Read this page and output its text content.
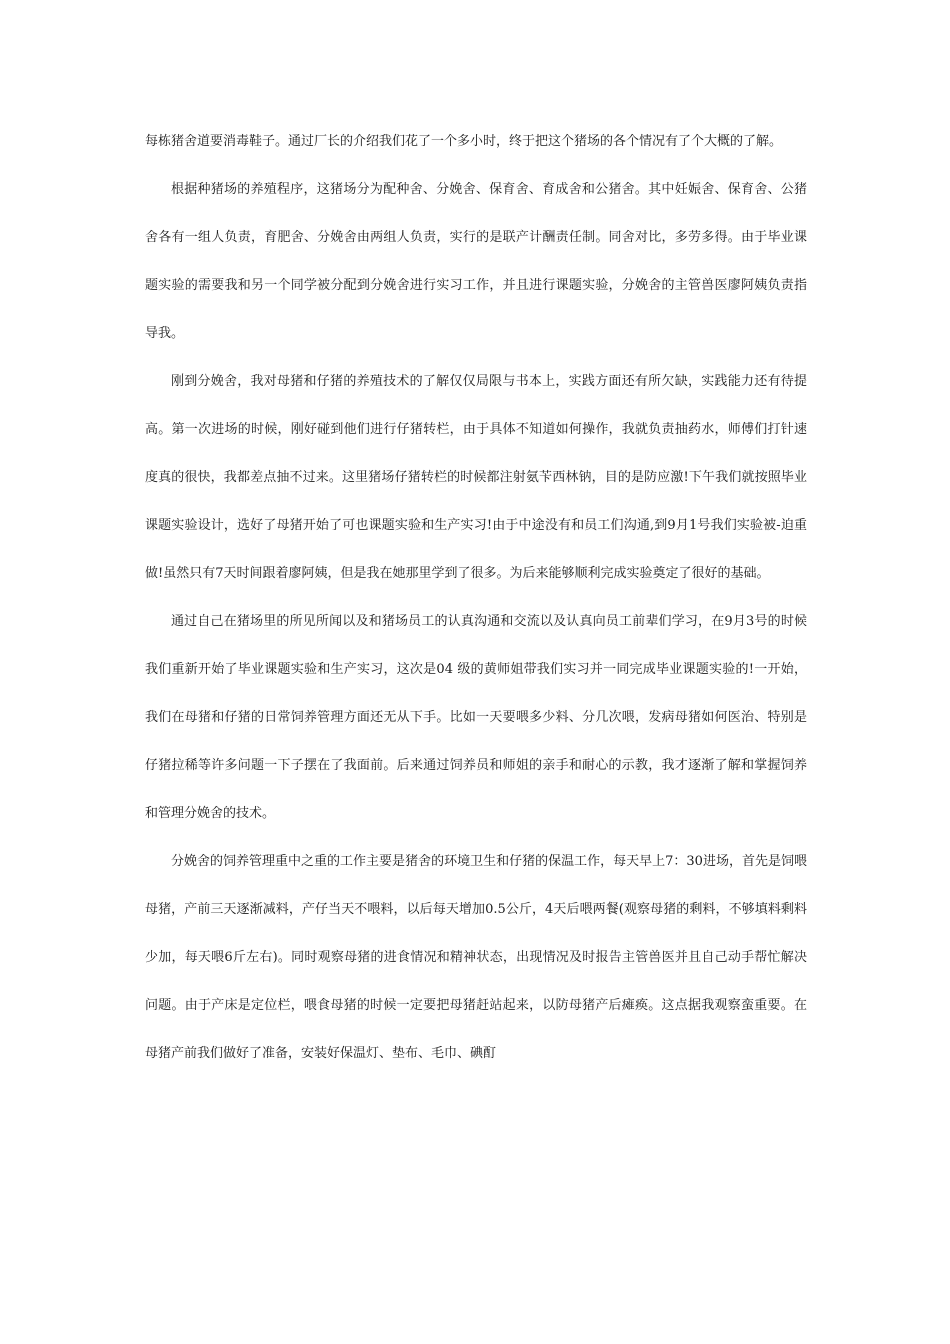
每栋猪舍道要消毒鞋子。通过厂长的介绍我们花了一个多小时，终于把这个猪场的各个情况有了个大概的了解。

根据种猪场的养殖程序，这猪场分为配种舍、分娩舍、保育舍、育成舍和公猪舍。其中妊娠舍、保育舍、公猪舍各有一组人负责，育肥舍、分娩舍由两组人负责，实行的是联产计酬责任制。同舍对比，多劳多得。由于毕业课题实验的需要我和另一个同学被分配到分娩舍进行实习工作，并且进行课题实验，分娩舍的主管兽医廖阿姨负责指导我。

刚到分娩舍，我对母猪和仔猪的养殖技术的了解仅仅局限与书本上，实践方面还有所欠缺，实践能力还有待提高。第一次进场的时候，刚好碰到他们进行仔猪转栏，由于具体不知道如何操作，我就负责抽药水，师傅们打针速度真的很快，我都差点抽不过来。这里猪场仔猪转栏的时候都注射氨苄西林钠，目的是防应激!下午我们就按照毕业课题实验设计，选好了母猪开始了可也课题实验和生产实习!由于中途没有和员工们沟通,到9月1号我们实验被-迫重做!虽然只有7天时间跟着廖阿姨，但是我在她那里学到了很多。为后来能够顺利完成实验奠定了很好的基础。

通过自己在猪场里的所见所闻以及和猪场员工的认真沟通和交流以及认真向员工前辈们学习，在9月3号的时候我们重新开始了毕业课题实验和生产实习，这次是04 级的黄师姐带我们实习并一同完成毕业课题实验的!一开始，我们在母猪和仔猪的日常饲养管理方面还无从下手。比如一天要喂多少料、分几次喂，发病母猪如何医治、特别是仔猪拉稀等许多问题一下子摆在了我面前。后来通过饲养员和师姐的亲手和耐心的示教，我才逐渐了解和掌握饲养和管理分娩舍的技术。

分娩舍的饲养管理重中之重的工作主要是猪舍的环境卫生和仔猪的保温工作，每天早上7：30进场，首先是饲喂母猪，产前三天逐渐减料，产仔当天不喂料，以后每天增加0.5公斤，4天后喂两餐(观察母猪的剩料，不够填料剩料少加，每天喂6斤左右)。同时观察母猪的进食情况和精神状态，出现情况及时报告主管兽医并且自己动手帮忙解决问题。由于产床是定位栏，喂食母猪的时候一定要把母猪赶站起来，以防母猪产后瘫痪。这点据我观察蛮重要。在母猪产前我们做好了准备，安装好保温灯、垫布、毛巾、碘酊
